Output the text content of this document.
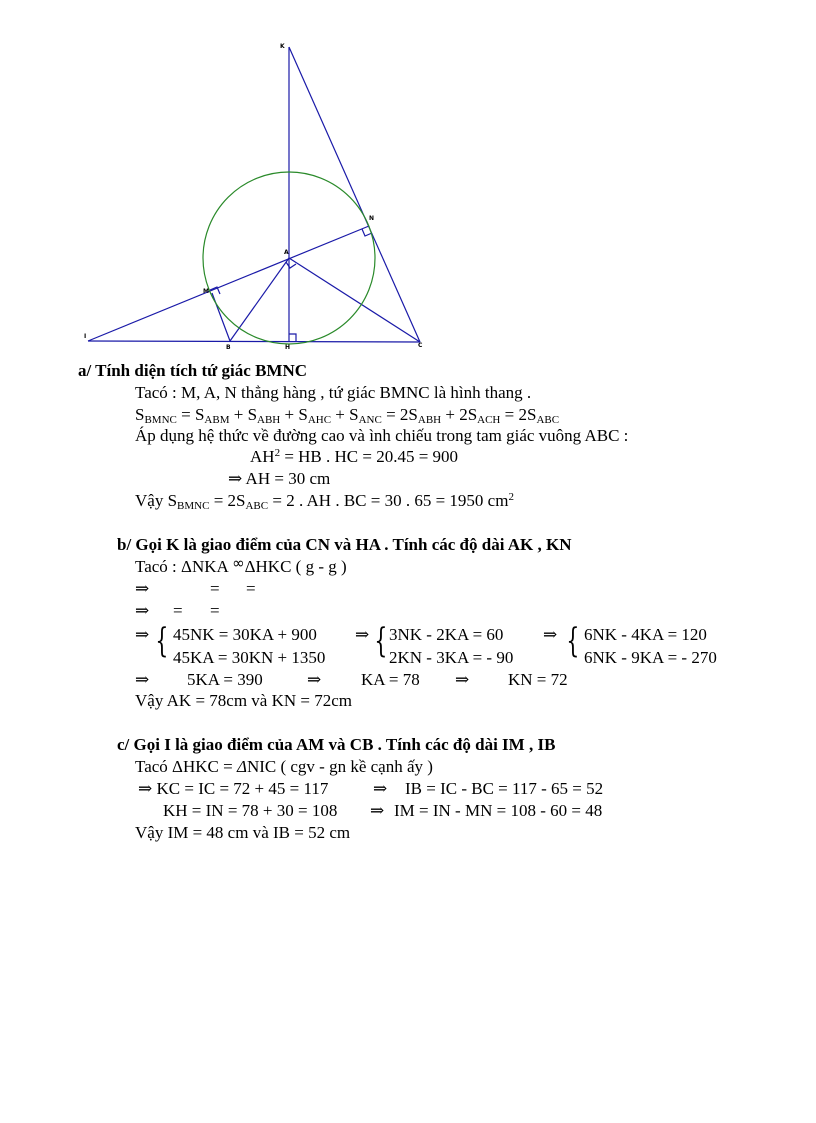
K
N
A
M
I
B	H	C
a/ Tính diện tích tứ giác BMNC
Tacó : M, A, N thẳng hàng , tứ giác BMNC là hình thang .
$S_{BMNC} = S_{ABM} + S_{ABH} + S_{AHC} + S_{ANC} = 2S_{ABH} + 2S_{ACH} = 2S_{ABC}$
Áp dụng hệ thức về đường cao và ình chiếu trong tam giác vuông ABC :
$AH^2$ = HB . HC = 20.45 = 900
⇒ AH = 30 cm
Vậy $S_{BMNC} = 2S_{ABC} = 2$ . AH . BC = 30 . 65 = 1950 $cm^2$
b/ Gọi K là giao điểm của CN và HA . Tính các độ dài AK , KN
Tacó : ΔNKA ∞ΔHKC ( g - g )
⇒	= =
⇒ = =
⇒ { 45NK = 30KA + 900
45KA = 30KN + 1350
⇒ { 3NK - 2KA = 60
2KN - 3KA = - 90
⇒ { 6NK - 4KA = 120
6NK - 9KA = - 270
⇒ 5KA = 390	⇒ KA = 78 ⇒ KN = 72
Vậy AK = 78cm và KN = 72cm
c/ Gọi I là giao điểm của AM và CB . Tính các độ dài IM , IB
Tacó ΔHKC = ΔNIC ( cgv - gn kề cạnh ấy )
⇒ KC = IC = 72 + 45 = 117	⇒ IB = IC - BC = 117 - 65 = 52
KH = IN = 78 + 30 = 108 ⇒ IM = IN - MN = 108 - 60 = 48
Vậy IM = 48 cm và IB = 52 cm
